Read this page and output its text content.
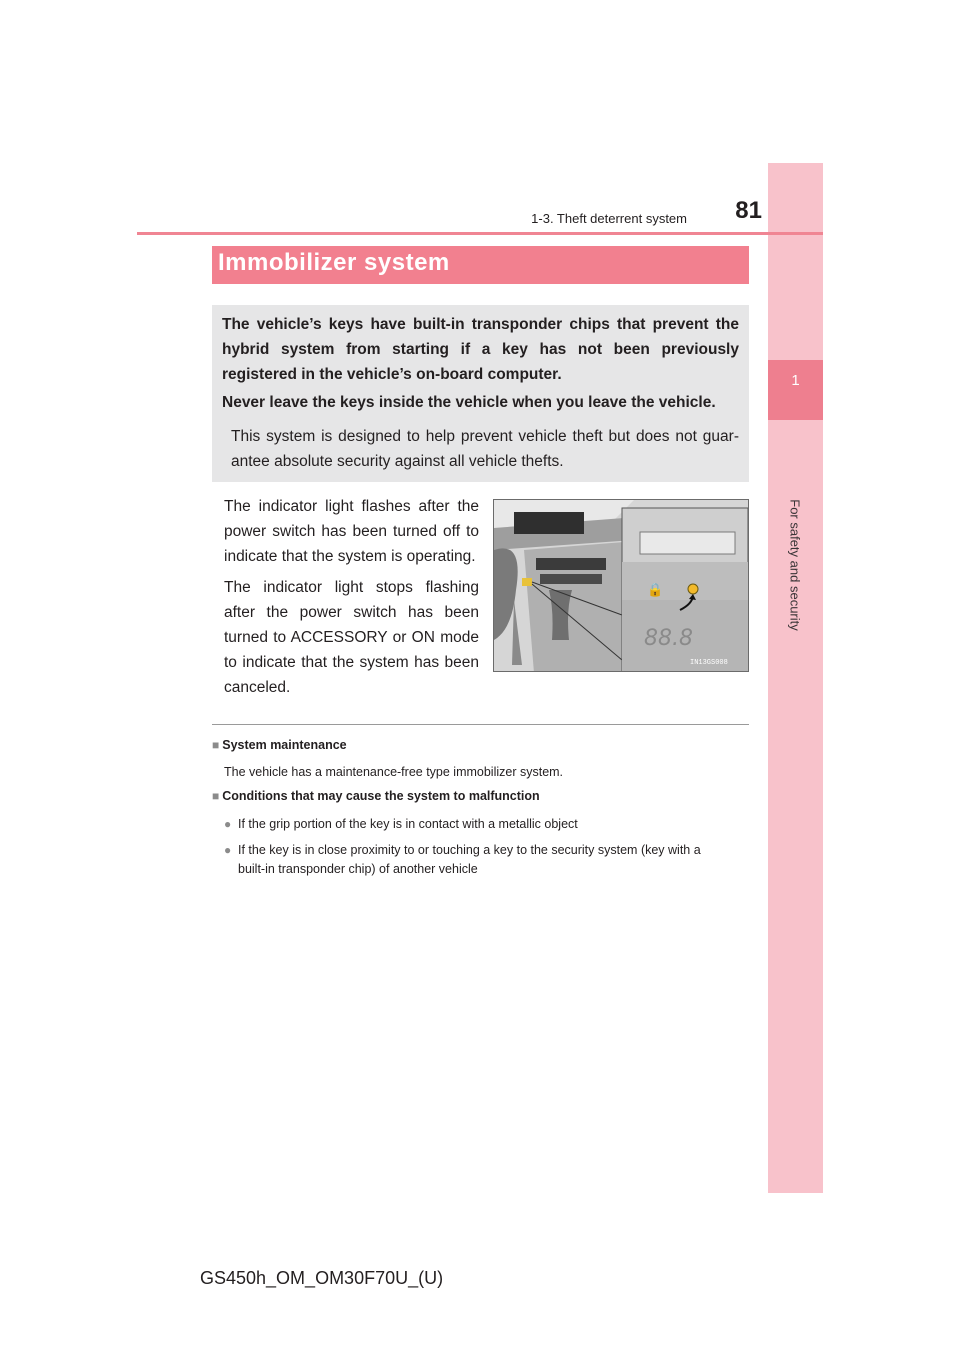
1
For safety and security
1-3. Theft deterrent system	81
Immobilizer system

The vehicle’s keys have built-in transponder chips that prevent the hybrid system from starting if a key has not been previously registered in the vehicle’s on-board computer.

Never leave the keys inside the vehicle when you leave the vehicle.

This system is designed to help prevent vehicle theft but does not guar-antee absolute security against all vehicle thefts.

The indicator light flashes after the power switch has been turned off to indicate that the system is operating.

The indicator light stops flashing after the power switch has been turned to ACCESSORY or ON mode to indicate that the system has been canceled.

🔒
88.8
IN13GS008

■ System maintenance

The vehicle has a maintenance-free type immobilizer system.

■ Conditions that may cause the system to malfunction

● If the grip portion of the key is in contact with a metallic object

● If the key is in close proximity to or touching a key to the security system (key with a
built-in transponder chip) of another vehicle

GS450h_OM_OM30F70U_(U)
